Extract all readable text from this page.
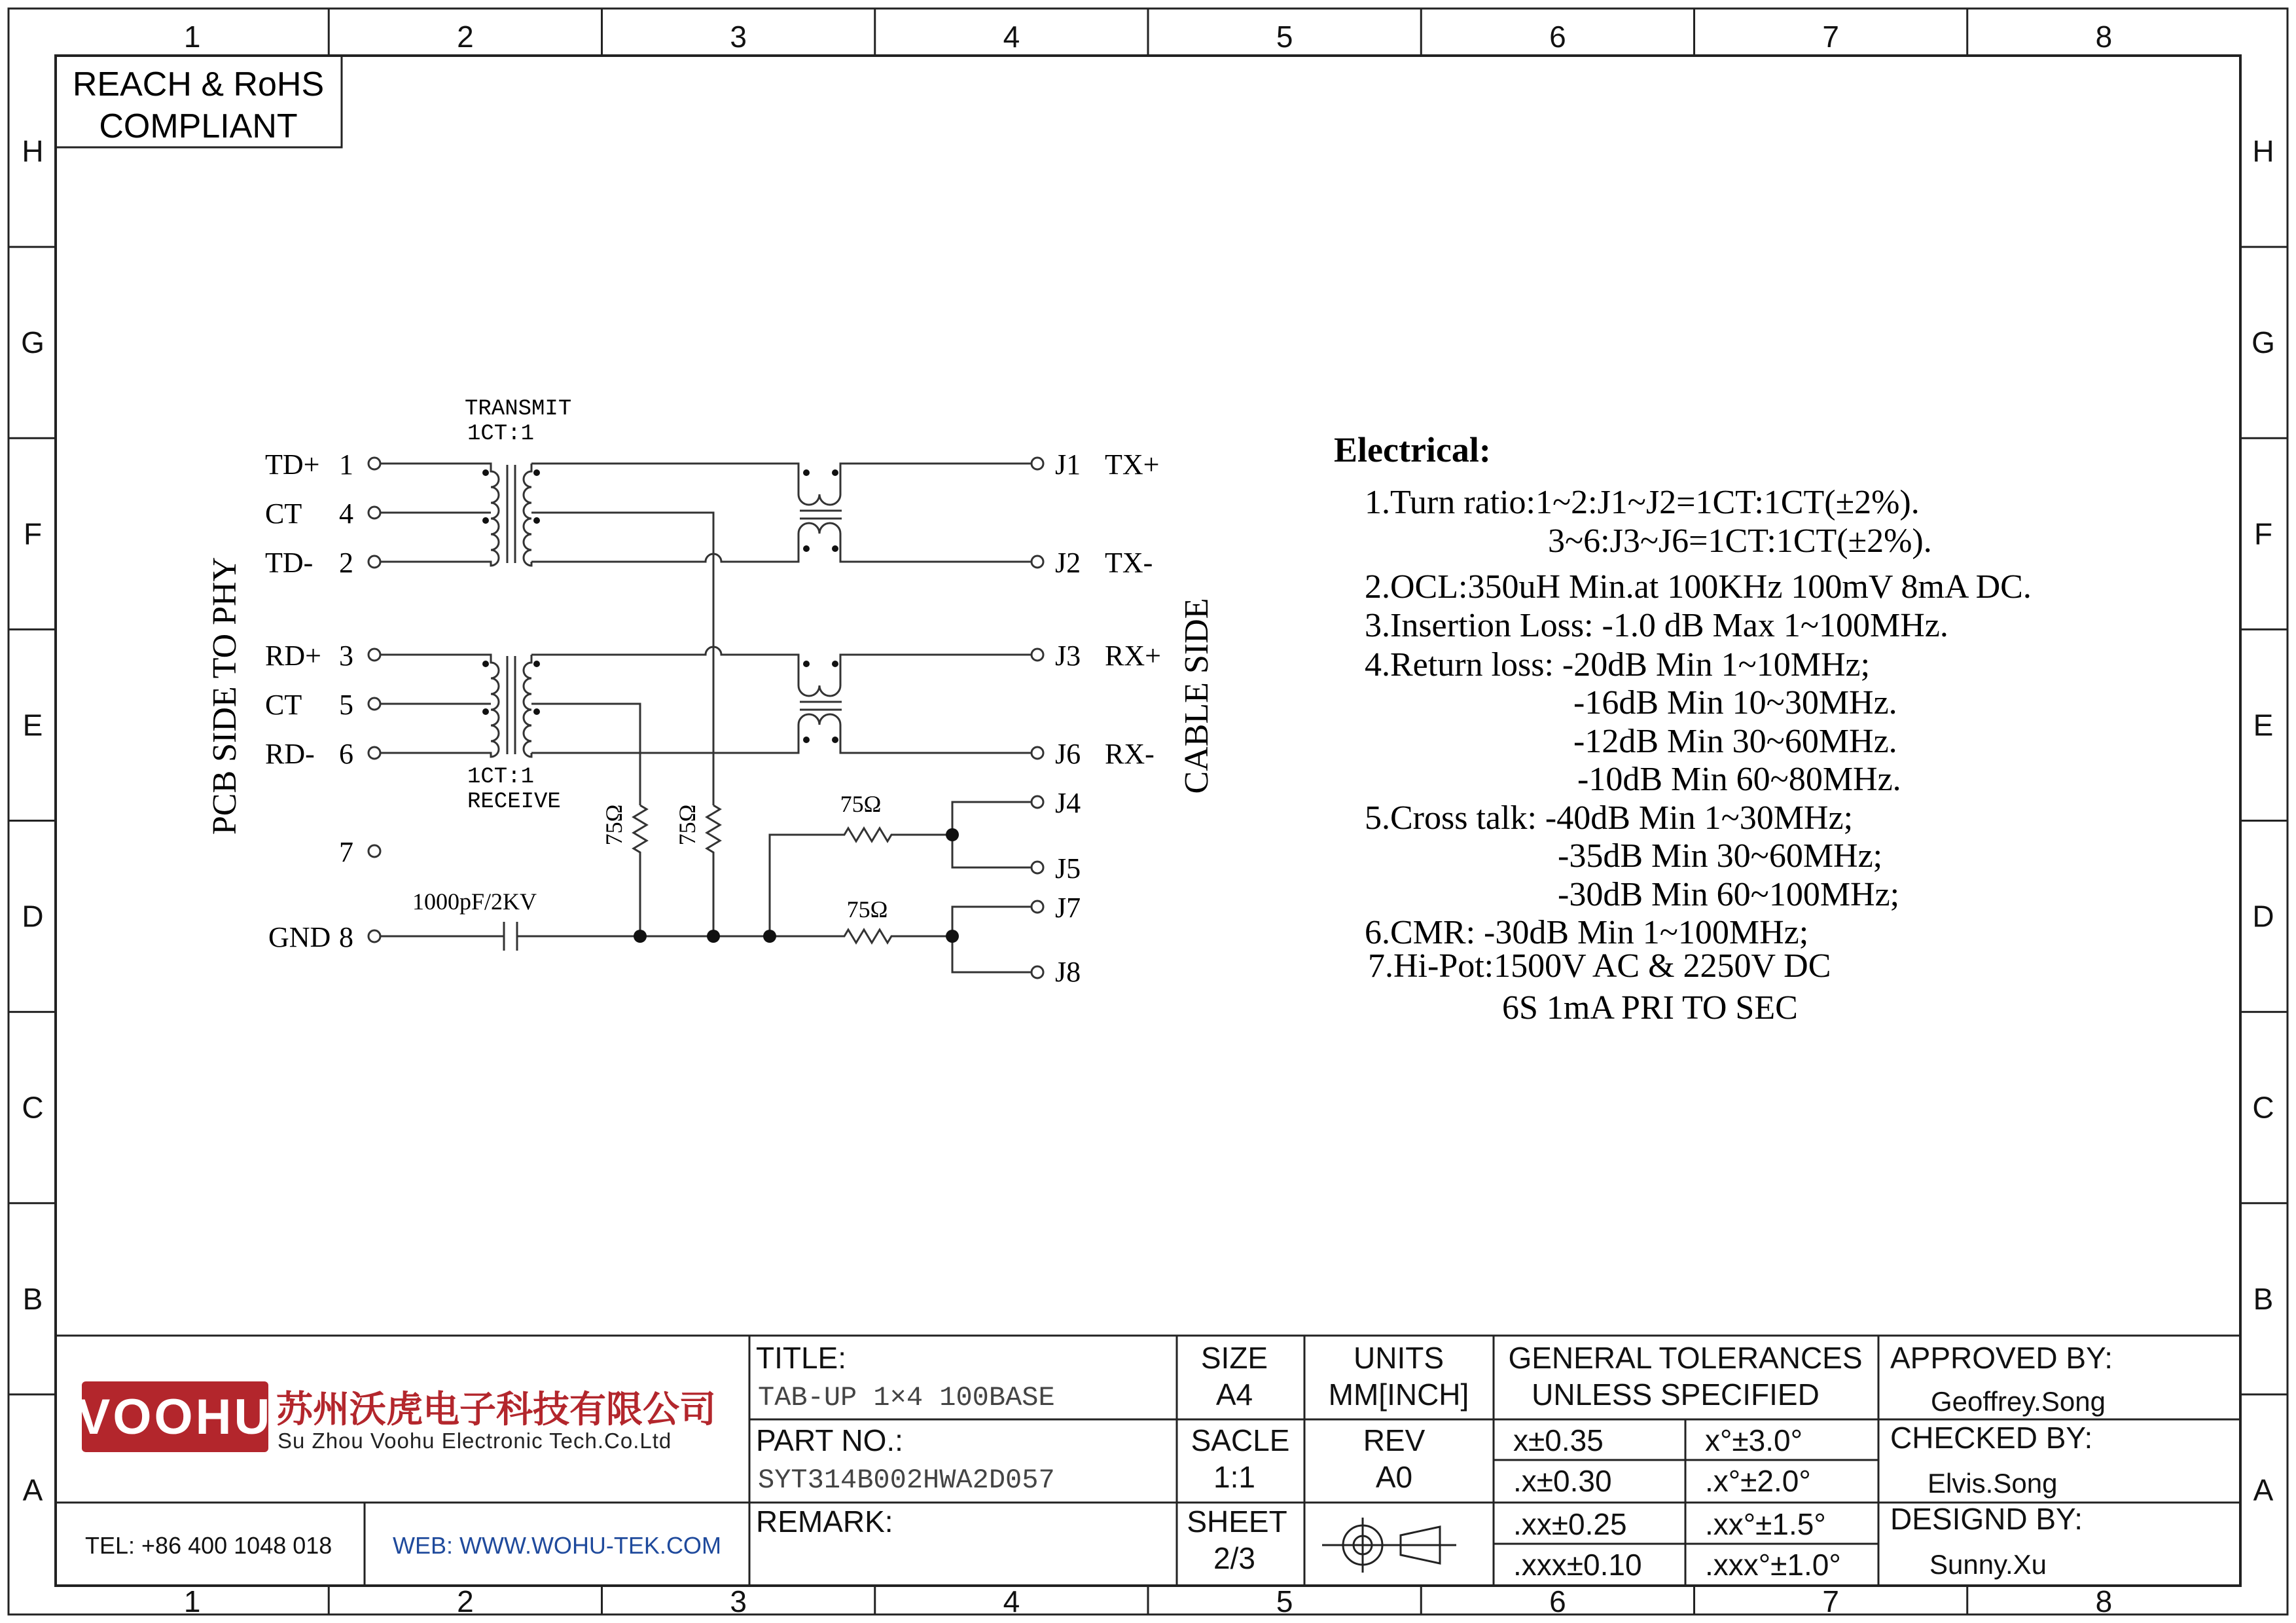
1
1
2
2
3
3
4
4
5
5
6
6
7
7
8
8
H	H
G	G
F	F
E	E
D	D
C	C
B	B
A	A
REACH & RoHS
COMPLIANT
PCB SIDE TO PHY	CABLE SIDE
TRANSMIT
1CT:1
1CT:1
RECEIVE
TD+ 1
CT 4
TD- 2
RD+ 3
CT 5
RD- 6
7
GND 8
J1 TX+
J2 TX-
J3 RX+
J6 RX-
J4
J5
J7
J8
75Ω 75Ω
75Ω
75Ω
1000pF/2KV
Electrical:
1.Turn ratio:1~2:J1~J2=1CT:1CT(±2%).
3~6:J3~J6=1CT:1CT(±2%).
2.OCL:350uH Min.at 100KHz 100mV 8mA DC.
3.Insertion Loss: -1.0 dB Max 1~100MHz.
4.Return loss: -20dB Min 1~10MHz;
-16dB Min 10~30MHz.
-12dB Min 30~60MHz.
-10dB Min 60~80MHz.
5.Cross talk: -40dB Min 1~30MHz;
-35dB Min 30~60MHz;
-30dB Min 60~100MHz;
6.CMR: -30dB Min 1~100MHz;
7.Hi-Pot:1500V AC & 2250V DC
6S 1mA PRI TO SEC
VOOHU 苏州沃虎电子科技有限公司
Su Zhou Voohu Electronic Tech.Co.Ltd
TEL: +86 400 1048 018	WEB: WWW.WOHU-TEK.COM
TITLE:
TAB-UP 1×4 100BASE
PART NO.:
SYT314B002HWA2D057
REMARK:
SIZE
A4
UNITS
MM[INCH]
SACLE
1:1
REV
A0
SHEET
2/3
GENERAL TOLERANCES
UNLESS SPECIFIED
x±0.35	x°±3.0°
.x±0.30	.x°±2.0°
.xx±0.25	.xx°±1.5°
.xxx±0.10 .xxx°±1.0°
APPROVED BY:
Geoffrey.Song
CHECKED BY:
Elvis.Song
DESIGND BY:
Sunny.Xu
